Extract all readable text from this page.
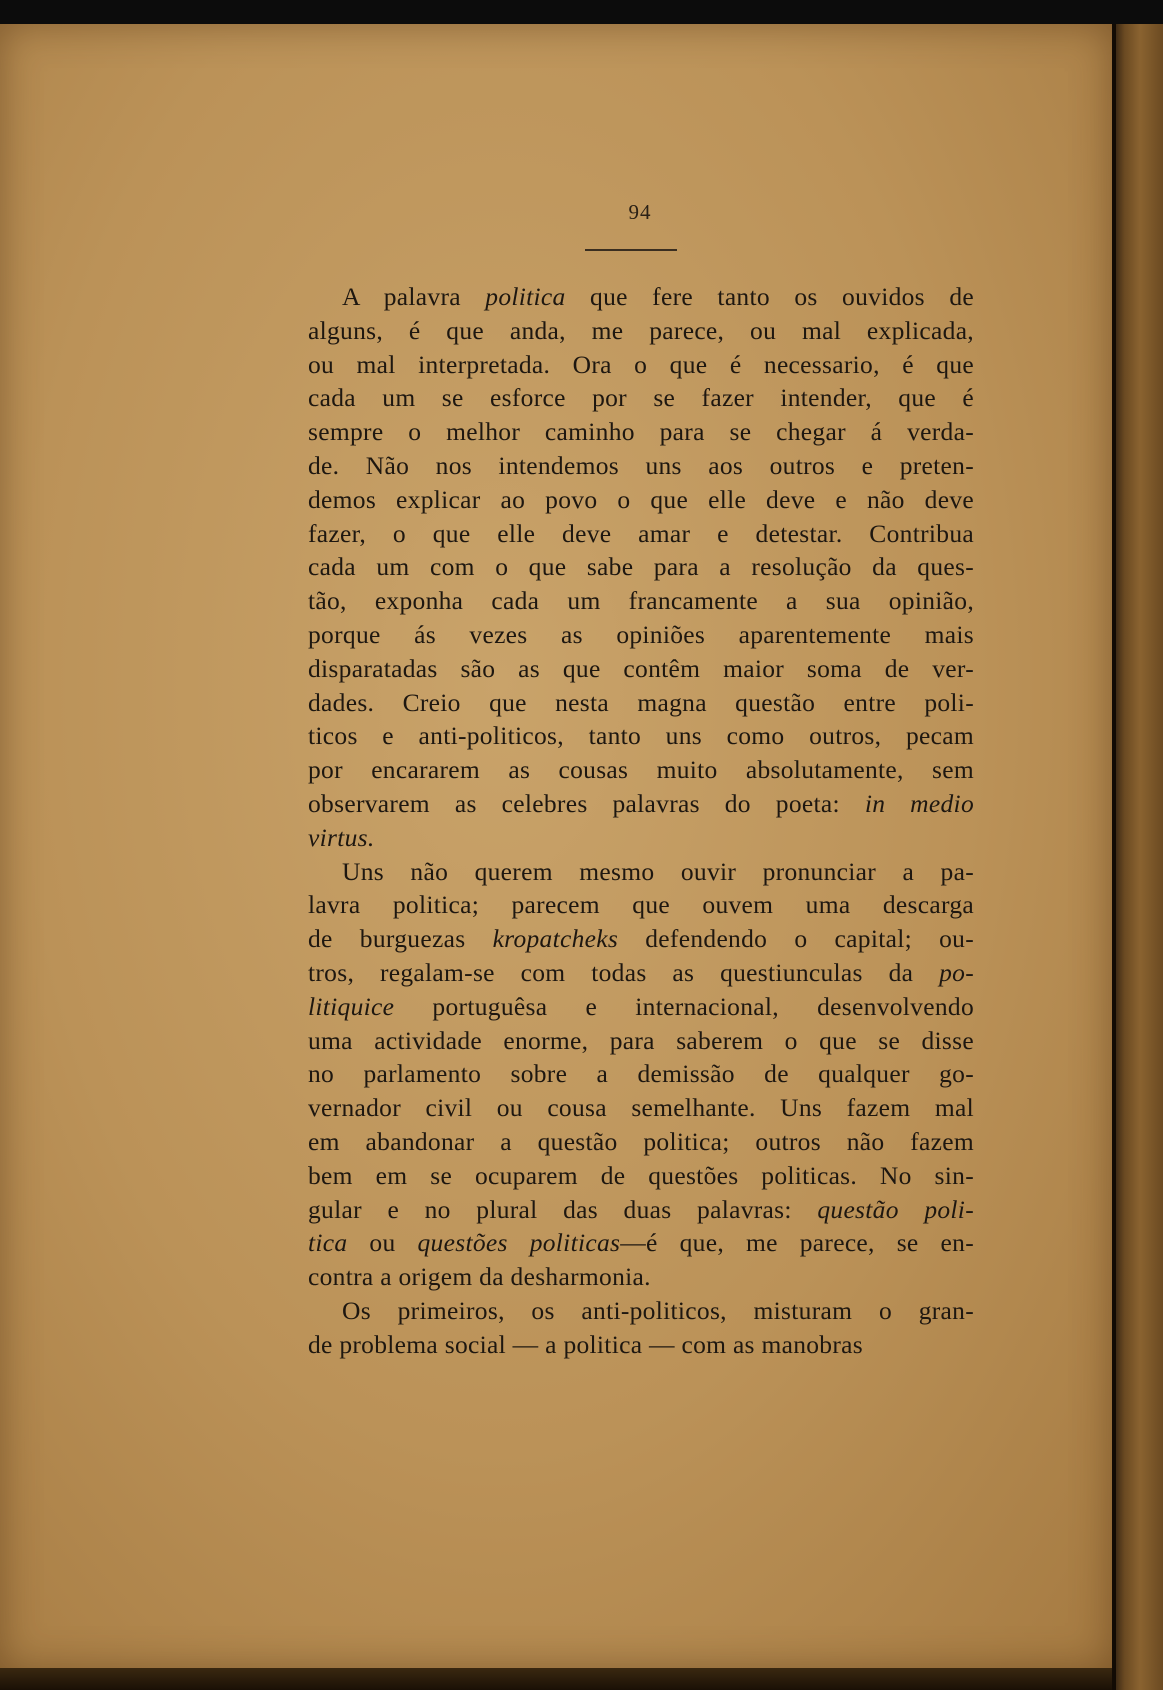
94
A palavra politica que fere tanto os ouvidos de
alguns, é que anda, me parece, ou mal explicada,
ou mal interpretada. Ora o que é necessario, é que
cada um se esforce por se fazer intender, que é
sempre o melhor caminho para se chegar á verda-
de. Não nos intendemos uns aos outros e preten-
demos explicar ao povo o que elle deve e não deve
fazer, o que elle deve amar e detestar. Contribua
cada um com o que sabe para a resolução da ques-
tão, exponha cada um francamente a sua opinião,
porque ás vezes as opiniões aparentemente mais
disparatadas são as que contêm maior soma de ver-
dades. Creio que nesta magna questão entre poli-
ticos e anti-politicos, tanto uns como outros, pecam
por encararem as cousas muito absolutamente, sem
observarem as celebres palavras do poeta: in medio
virtus.
Uns não querem mesmo ouvir pronunciar a pa-
lavra politica; parecem que ouvem uma descarga
de burguezas kropatcheks defendendo o capital; ou-
tros, regalam-se com todas as questiunculas da po-
litiquice portuguêsa e internacional, desenvolvendo
uma actividade enorme, para saberem o que se disse
no parlamento sobre a demissão de qualquer go-
vernador civil ou cousa semelhante. Uns fazem mal
em abandonar a questão politica; outros não fazem
bem em se ocuparem de questões politicas. No sin-
gular e no plural das duas palavras: questão poli-
tica ou questões politicas—é que, me parece, se en-
contra a origem da desharmonia.
Os primeiros, os anti-politicos, misturam o gran-
de problema social — a politica — com as manobras
